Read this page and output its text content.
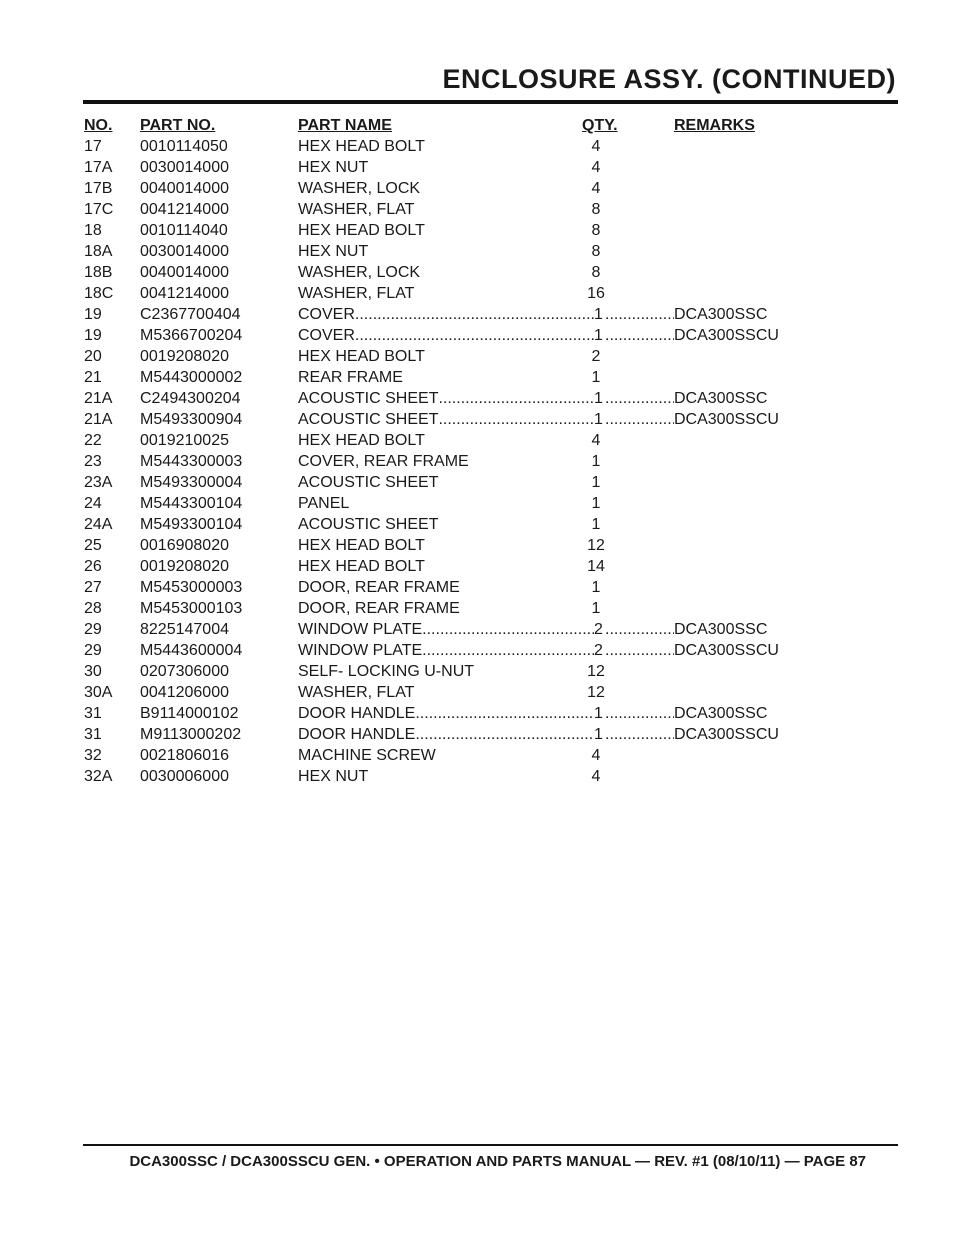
ENCLOSURE ASSY. (CONTINUED)
NO. PART NO.	PART NAME	QTY.	REMARKS
17 0010114050	HEX HEAD BOLT	4
17A 0030014000	HEX NUT	4
17B 0040014000	WASHER, LOCK	4
17C 0041214000	WASHER, FLAT	8
18 0010114040	HEX HEAD BOLT	8
18A 0030014000	HEX NUT	8
18B 0040014000	WASHER, LOCK	8
18C 0041214000	WASHER, FLAT	16
19 C2367700404	COVER .....	1 .....	DCA300SSC
19 M5366700204	COVER .....	1 .....	DCA300SSCU
20 0019208020	HEX HEAD BOLT	2
21 M5443000002	REAR FRAME	1
21A C2494300204	ACOUSTIC SHEET .....	1 .....	DCA300SSC
21A M5493300904	ACOUSTIC SHEET .....	1 .....	DCA300SSCU
22 0019210025	HEX HEAD BOLT	4
23 M5443300003	COVER, REAR FRAME	1
23A M5493300004	ACOUSTIC SHEET	1
24 M5443300104	PANEL	1
24A M5493300104	ACOUSTIC SHEET	1
25 0016908020	HEX HEAD BOLT	12
26 0019208020	HEX HEAD BOLT	14
27 M5453000003	DOOR, REAR FRAME	1
28 M5453000103	DOOR, REAR FRAME	1
29 8225147004	WINDOW PLATE .....	2 .....	DCA300SSC
29 M5443600004	WINDOW PLATE .....	2 .....	DCA300SSCU
30 0207306000	SELF- LOCKING U-NUT	12
30A 0041206000	WASHER, FLAT	12
31 B9114000102	DOOR HANDLE .....	1 .....	DCA300SSC
31 M9113000202	DOOR HANDLE .....	1 .....	DCA300SSCU
32 0021806016	MACHINE SCREW	4
32A 0030006000	HEX NUT	4
DCA300SSC / DCA300SSCU GEN. • OPERATION AND PARTS MANUAL — REV. #1 (08/10/11) — PAGE 87
